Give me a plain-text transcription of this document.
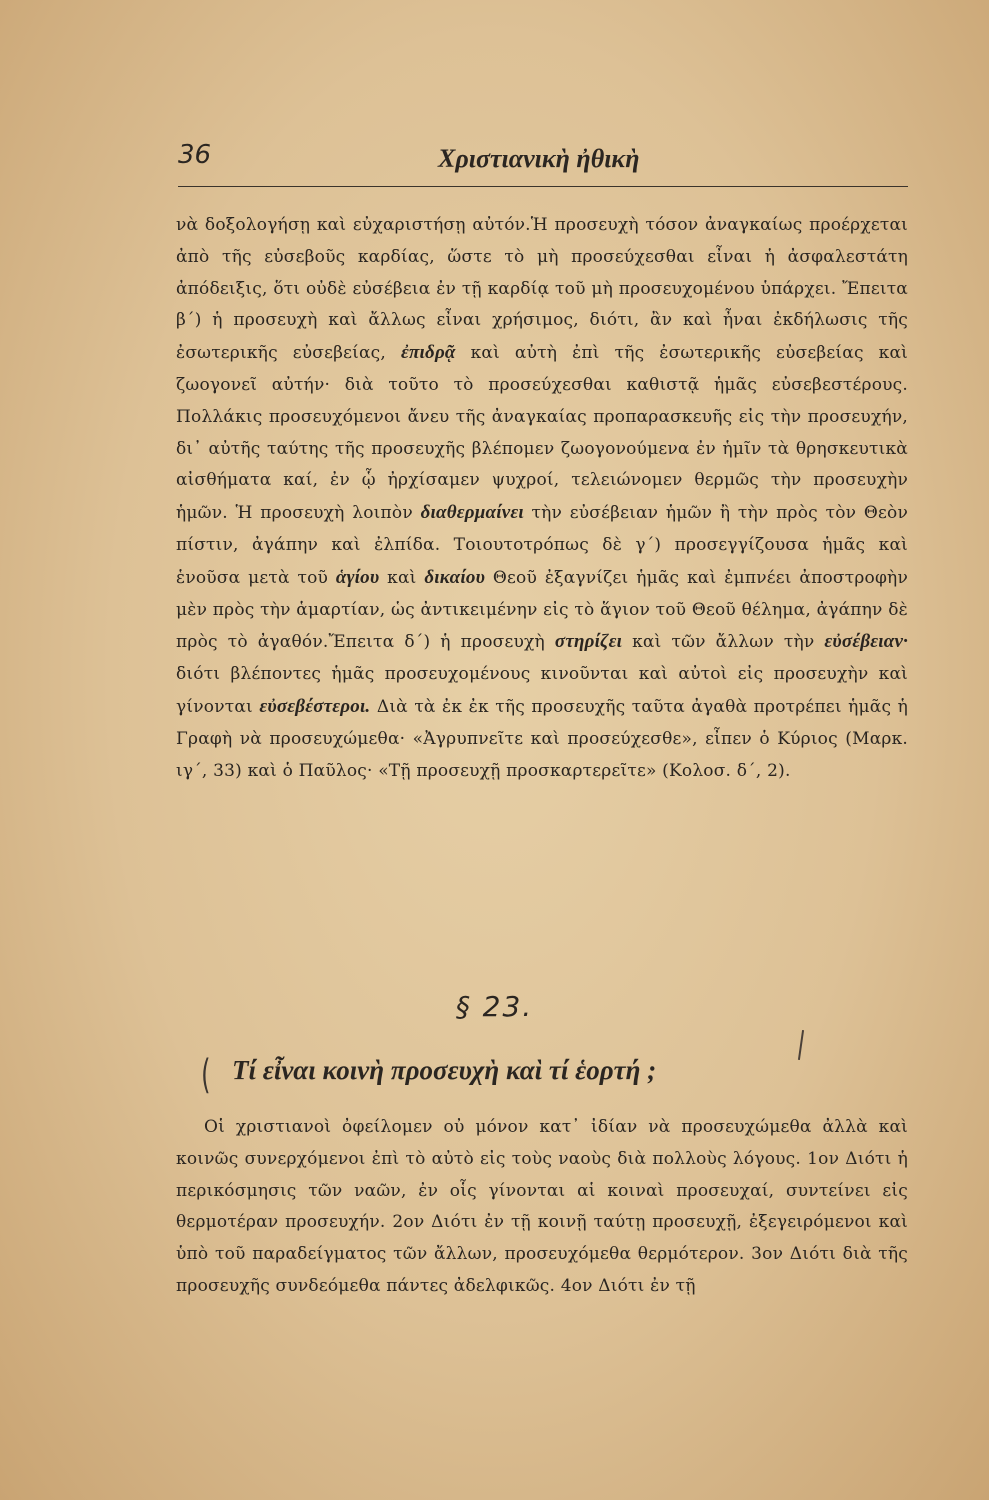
36	Χριστιανικὴ ἠθικὴ

νὰ δοξολογήσῃ καὶ εὐχαριστήσῃ αὐτόν.Ἡ προσευχὴ τόσον ἀναγκαίως προέρχεται ἀπὸ τῆς εὐσεβοῦς καρδίας, ὥστε τὸ μὴ προσεύχεσθαι εἶναι ἡ ἀσφαλεστάτη ἀπόδειξις, ὅτι οὐδὲ εὐσέβεια ἐν τῇ καρδίᾳ τοῦ μὴ προσευχομένου ὑπάρχει. Ἔπειτα β΄) ἡ προσευχὴ καὶ ἄλλως εἶναι χρήσιμος, διότι, ἂν καὶ ἦναι ἐκδήλωσις τῆς ἐσωτερικῆς εὐσεβείας, ἐπιδρᾷ καὶ αὐτὴ ἐπὶ τῆς ἐσωτερικῆς εὐσεβείας καὶ ζωογονεῖ αὐτήν· διὰ τοῦτο τὸ προσεύχεσθαι καθιστᾷ ἡμᾶς εὐσεβεστέρους. Πολλάκις προσευχόμενοι ἄνευ τῆς ἀναγκαίας προπαρασκευῆς εἰς τὴν προσευχήν, δι᾿ αὐτῆς ταύτης τῆς προσευχῆς βλέπομεν ζωογονούμενα ἐν ἡμῖν τὰ θρησκευτικὰ αἰσθήματα καί, ἐν ᾧ ἠρχίσαμεν ψυχροί, τελειώνομεν θερμῶς τὴν προσευχὴν ἡμῶν. Ἡ προσευχὴ λοιπὸν διαθερμαίνει τὴν εὐσέβειαν ἡμῶν ἢ τὴν πρὸς τὸν Θεὸν πίστιν, ἀγάπην καὶ ἐλπίδα. Τοιουτοτρόπως δὲ γ΄) προσεγγίζουσα ἡμᾶς καὶ ἑνοῦσα μετὰ τοῦ ἁγίου καὶ δικαίου Θεοῦ ἐξαγνίζει ἡμᾶς καὶ ἐμπνέει ἀποστροφὴν μὲν πρὸς τὴν ἁμαρτίαν, ὡς ἀντικειμένην εἰς τὸ ἅγιον τοῦ Θεοῦ θέλημα, ἀγάπην δὲ πρὸς τὸ ἀγαθόν.Ἔπειτα δ΄) ἡ προσευχὴ στηρίζει καὶ τῶν ἄλλων τὴν εὐσέβειαν· διότι βλέποντες ἡμᾶς προσευχομένους κινοῦνται καὶ αὐτοὶ εἰς προσευχὴν καὶ γίνονται εὐσεβέστεροι. Διὰ τὰ ἐκ ἐκ τῆς προσευχῆς ταῦτα ἀγαθὰ προτρέπει ἡμᾶς ἡ Γραφὴ νὰ προσευχώμεθα· «Ἀγρυπνεῖτε καὶ προσεύχεσθε», εἶπεν ὁ Κύριος (Μαρκ. ιγ΄, 33) καὶ ὁ Παῦλος· «Τῇ προσευχῇ προσκαρτερεῖτε» (Κολοσ. δ΄, 2).

§ 23.
( Τί εἶναι κοινὴ προσευχὴ καὶ τί ἑορτή ;

Οἱ χριστιανοὶ ὀφείλομεν οὐ μόνον κατ᾿ ἰδίαν νὰ προσευχώμεθα ἀλλὰ καὶ κοινῶς συνερχόμενοι ἐπὶ τὸ αὐτὸ εἰς τοὺς ναοὺς διὰ πολλοὺς λόγους. 1ον Διότι ἡ περικόσμησις τῶν ναῶν, ἐν οἷς γίνονται αἱ κοιναὶ προσευχαί, συντείνει εἰς θερμοτέραν προσευχήν. 2ον Διότι ἐν τῇ κοινῇ ταύτῃ προσευχῇ, ἐξεγειρόμενοι καὶ ὑπὸ τοῦ παραδείγματος τῶν ἄλλων, προσευχόμεθα θερμότερον. 3ον Διότι διὰ τῆς προσευχῆς συνδεόμεθα πάντες ἀδελφικῶς. 4ον Διότι ἐν τῇ
